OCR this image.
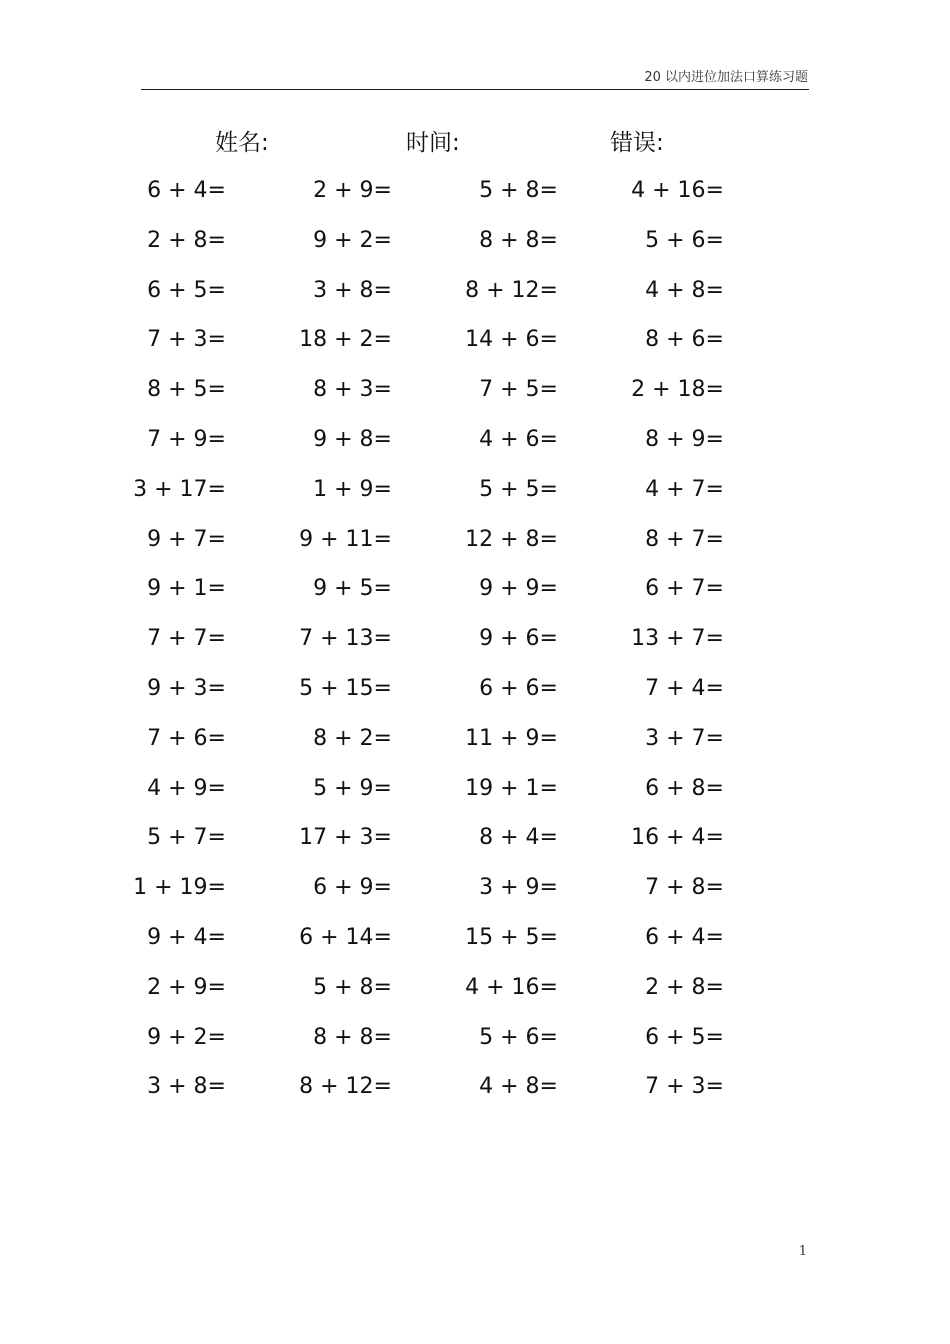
20 以内进位加法口算练习题
姓名:	时间:	错误:
6 + 4=	2 + 9=	5 + 8=	4 + 16=
2 + 8=	9 + 2=	8 + 8=	5 + 6=
6 + 5=	3 + 8=	8 + 12=	4 + 8=
7 + 3=	18 + 2=	14 + 6=	8 + 6=
8 + 5=	8 + 3=	7 + 5=	2 + 18=
7 + 9=	9 + 8=	4 + 6=	8 + 9=
3 + 17=	1 + 9=	5 + 5=	4 + 7=
9 + 7=	9 + 11=	12 + 8=	8 + 7=
9 + 1=	9 + 5=	9 + 9=	6 + 7=
7 + 7=	7 + 13=	9 + 6=	13 + 7=
9 + 3=	5 + 15=	6 + 6=	7 + 4=
7 + 6=	8 + 2=	11 + 9=	3 + 7=
4 + 9=	5 + 9=	19 + 1=	6 + 8=
5 + 7=	17 + 3=	8 + 4=	16 + 4=
1 + 19=	6 + 9=	3 + 9=	7 + 8=
9 + 4=	6 + 14=	15 + 5=	6 + 4=
2 + 9=	5 + 8=	4 + 16=	2 + 8=
9 + 2=	8 + 8=	5 + 6=	6 + 5=
3 + 8=	8 + 12=	4 + 8=	7 + 3=
1
